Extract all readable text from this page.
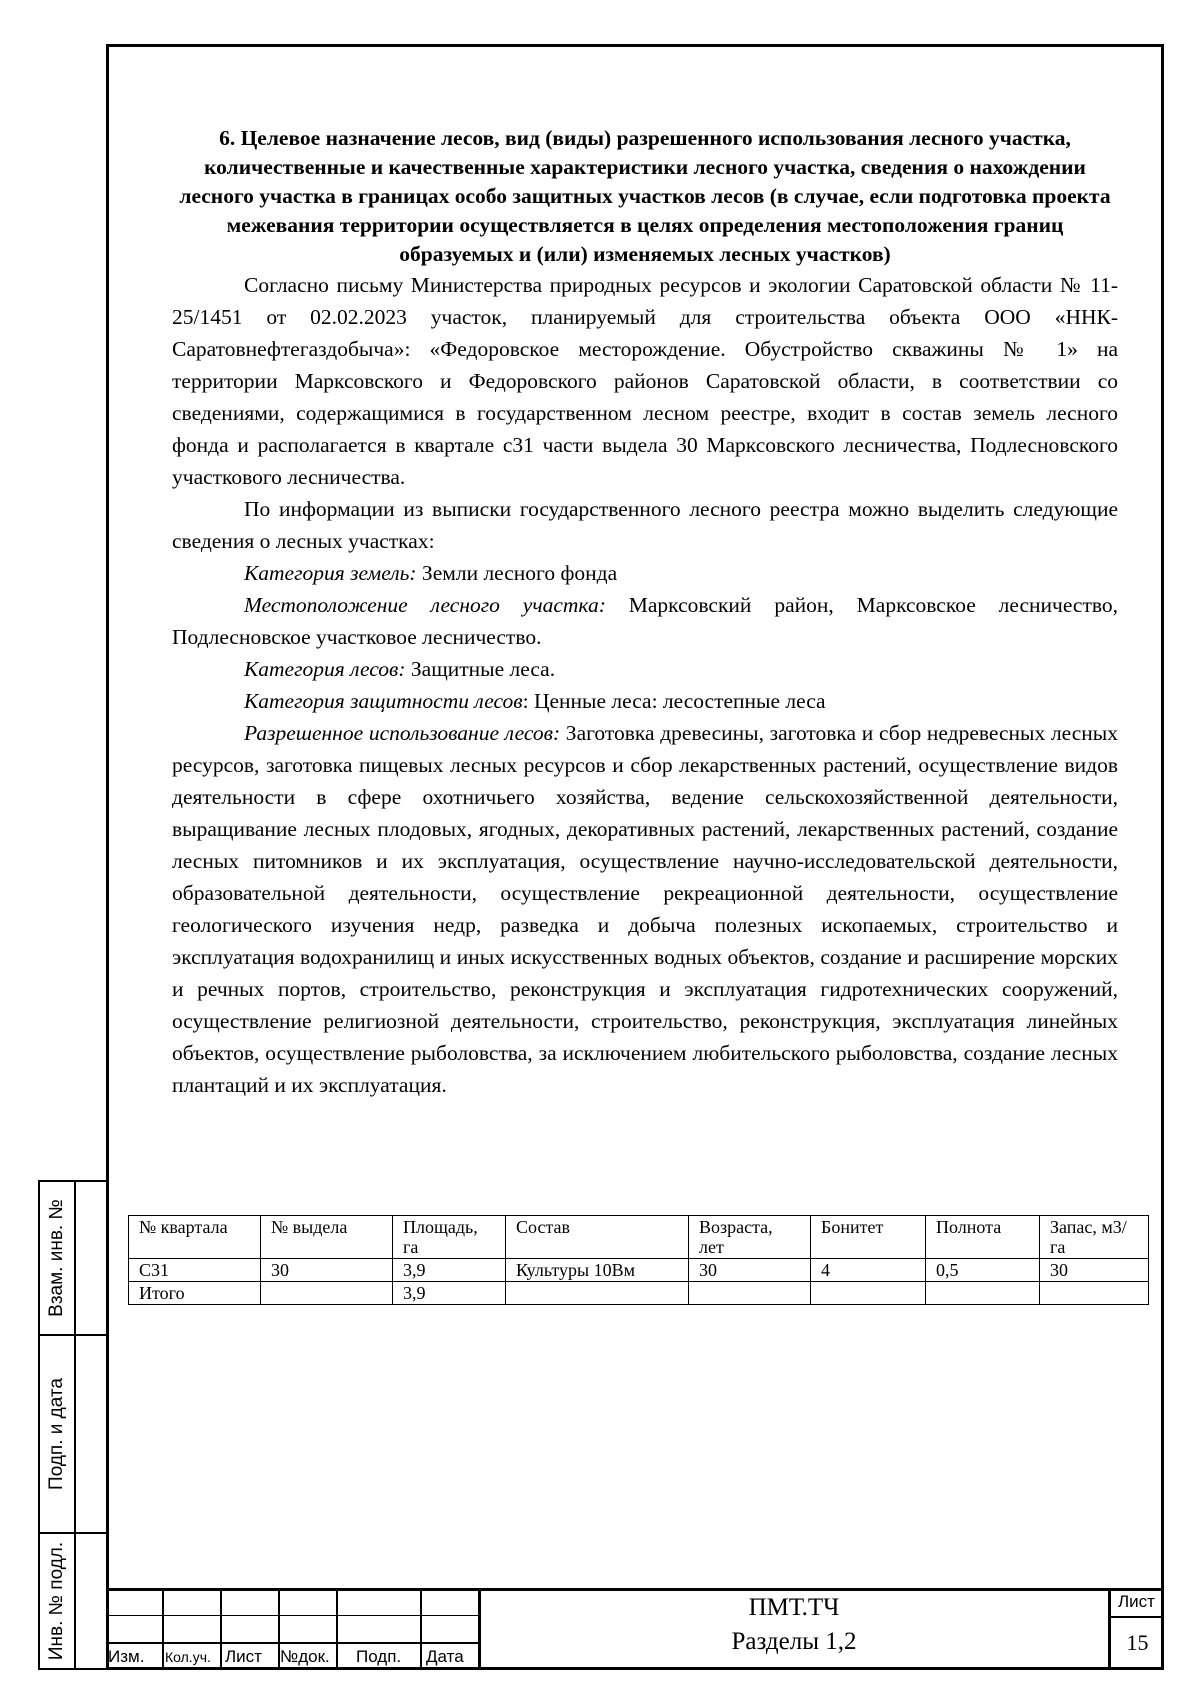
6. Целевое назначение лесов, вид (виды) разрешенного использования лесного участка, количественные и качественные характеристики лесного участка, сведения о нахождении лесного участка в границах особо защитных участков лесов (в случае, если подготовка проекта межевания территории осуществляется в целях определения местоположения границ образуемых и (или) изменяемых лесных участков)

Согласно письму Министерства природных ресурсов и экологии Саратовской области № 11-25/1451 от 02.02.2023 участок, планируемый для строительства объекта ООО «ННК-Саратовнефтегаздобыча»: «Федоровское месторождение. Обустройство скважины № 1» на территории Марксовского и Федоровского районов Саратовской области, в соответствии со сведениями, содержащимися в государственном лесном реестре, входит в состав земель лесного фонда и располагается в квартале с31 части выдела 30 Марксовского лесничества, Подлесновского участкового лесничества.

По информации из выписки государственного лесного реестра можно выделить следующие сведения о лесных участках:

Категория земель: Земли лесного фонда

Местоположение лесного участка: Марксовский район, Марксовское лесничество, Подлесновское участковое лесничество.

Категория лесов: Защитные леса.

Категория защитности лесов: Ценные леса: лесостепные леса

Разрешенное использование лесов: Заготовка древесины, заготовка и сбор недревесных лесных ресурсов, заготовка пищевых лесных ресурсов и сбор лекарственных растений, осуществление видов деятельности в сфере охотничьего хозяйства, ведение сельскохозяйственной деятельности, выращивание лесных плодовых, ягодных, декоративных растений, лекарственных растений, создание лесных питомников и их эксплуатация, осуществление научно-исследовательской деятельности, образовательной деятельности, осуществление рекреационной деятельности, осуществление геологического изучения недр, разведка и добыча полезных ископаемых, строительство и эксплуатация водохранилищ и иных искусственных водных объектов, создание и расширение морских и речных портов, строительство, реконструкция и эксплуатация гидротехнических сооружений, осуществление религиозной деятельности, строительство, реконструкция, эксплуатация линейных объектов, осуществление рыболовства, за исключением любительского рыболовства, создание лесных плантаций и их эксплуатация.

№ квартала	№ выдела	Площадь, га	Состав	Возраста, лет	Бонитет	Полнота	Запас, м3/га
С31	30	3,9	Культуры 10Вм	30	4	0,5	30
Итого		3,9					
Взам. инв. №
Подп. и дата
Инв. № подл. Изм. Кол.уч. Лист №док. Подп. Дата
ПМТ.ТЧ
Разделы 1,2
Лист
15
